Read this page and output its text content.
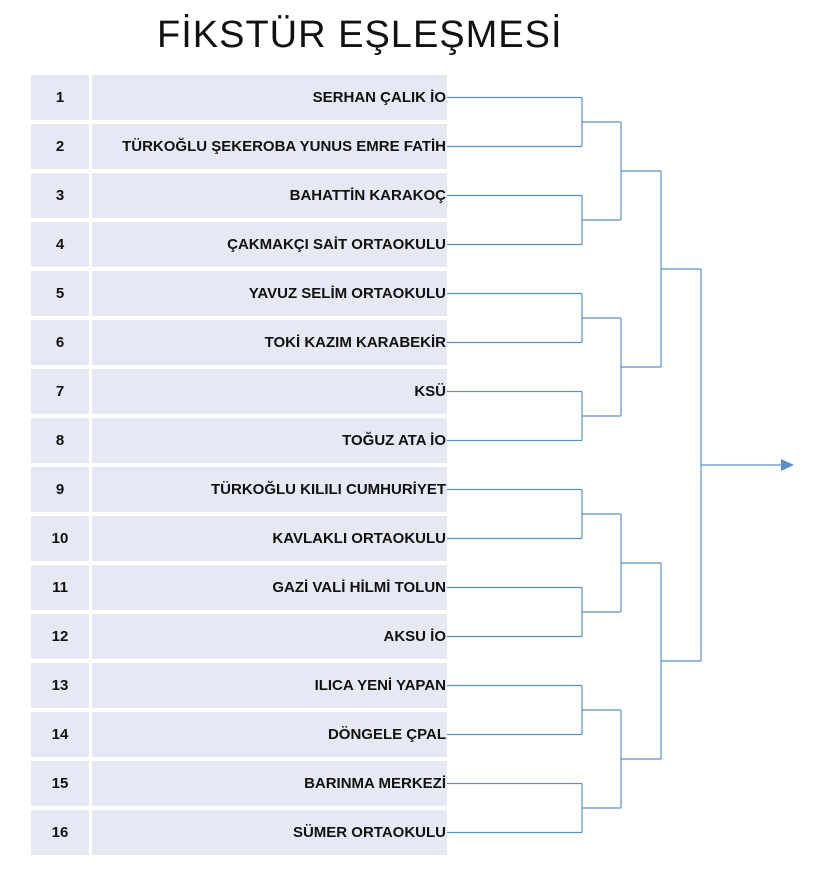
FİKSTÜR EŞLEŞMESİ
1	SERHAN ÇALIK İO
2	TÜRKOĞLU ŞEKEROBA YUNUS EMRE FATİH
3	BAHATTİN KARAKOÇ
4	ÇAKMAKÇI SAİT ORTAOKULU
5	YAVUZ SELİM ORTAOKULU
6	TOKİ KAZIM KARABEKİR
7	KSÜ
8	TOĞUZ ATA İO
9	TÜRKOĞLU KILILI CUMHURİYET
10	KAVLAKLI ORTAOKULU
11	GAZİ VALİ HİLMİ TOLUN
12	AKSU İO
13	ILICA YENİ YAPAN
14	DÖNGELE ÇPAL
15	BARINMA MERKEZİ
16	SÜMER ORTAOKULU
